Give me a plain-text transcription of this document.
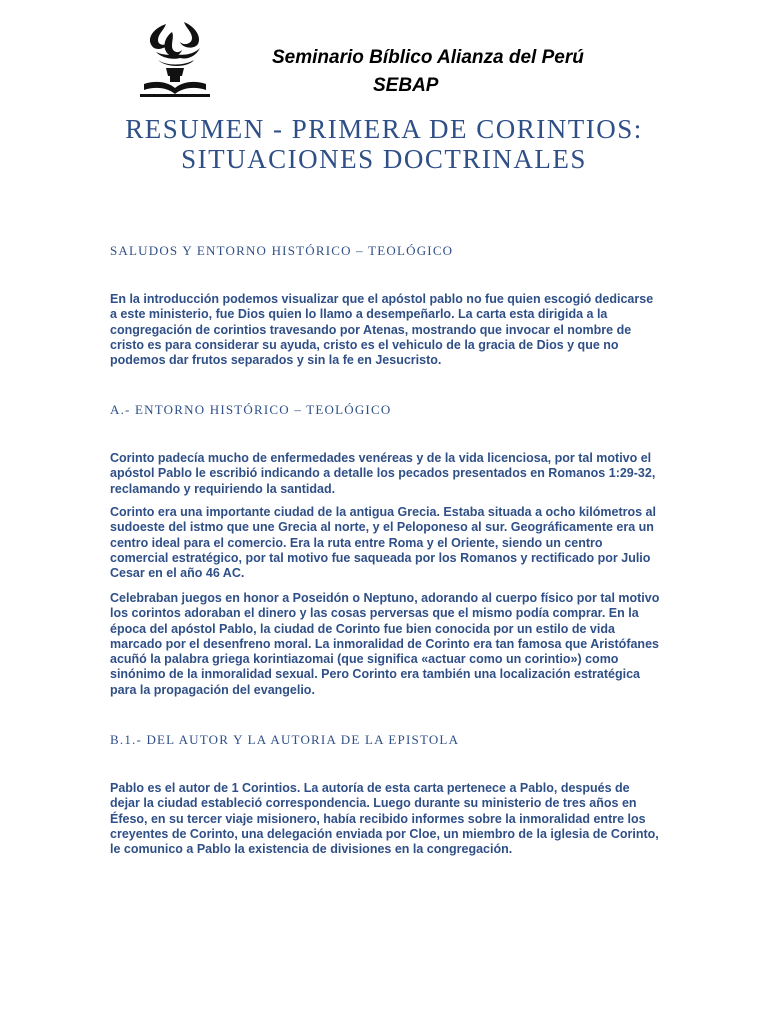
Seminario Bíblico Alianza del Perú
SEBAP
RESUMEN - PRIMERA DE CORINTIOS: SITUACIONES DOCTRINALES
SALUDOS Y ENTORNO HISTÓRICO – TEOLÓGICO

En la introducción podemos visualizar que el apóstol pablo no fue quien escogió dedicarse a este ministerio, fue Dios quien lo llamo a desempeñarlo. La carta esta dirigida a la congregación de corintios travesando por Atenas, mostrando que invocar el nombre de cristo es para considerar su ayuda, cristo es el vehiculo de la gracia de Dios y que no podemos dar frutos separados y sin la fe en Jesucristo.

A.- ENTORNO HISTÓRICO – TEOLÓGICO

Corinto padecía mucho de enfermedades venéreas y de la vida licenciosa, por tal motivo el apóstol Pablo le escribió indicando a detalle los pecados presentados en Romanos 1:29-32, reclamando y requiriendo la santidad.

Corinto era una importante ciudad de la antigua Grecia. Estaba situada a ocho kilómetros al sudoeste del istmo que une Grecia al norte, y el Peloponeso al sur. Geográficamente era un centro ideal para el comercio. Era la ruta entre Roma y el Oriente, siendo un centro comercial estratégico, por tal motivo fue saqueada por los Romanos y rectificado por Julio Cesar en el año 46 AC.

Celebraban juegos en honor a Poseidón o Neptuno, adorando al cuerpo físico por tal motivo los corintos adoraban el dinero y las cosas perversas que el mismo podía comprar. En la época del apóstol Pablo, la ciudad de Corinto fue bien conocida por un estilo de vida marcado por el desenfreno moral. La inmoralidad de Corinto era tan famosa que Aristófanes acuñó la palabra griega korintiazomai (que significa «actuar como un corintio») como sinónimo de la inmoralidad sexual. Pero Corinto era también una localización estratégica para la propagación del evangelio.

B.1.- DEL AUTOR Y LA AUTORIA DE LA EPISTOLA

Pablo es el autor de 1 Corintios. La autoría de esta carta pertenece a Pablo, después de dejar la ciudad estableció correspondencia. Luego durante su ministerio de tres años en Éfeso, en su tercer viaje misionero, había recibido informes sobre la inmoralidad entre los creyentes de Corinto, una delegación enviada por Cloe, un miembro de la iglesia de Corinto, le comunico a Pablo la existencia de divisiones en la congregación.
